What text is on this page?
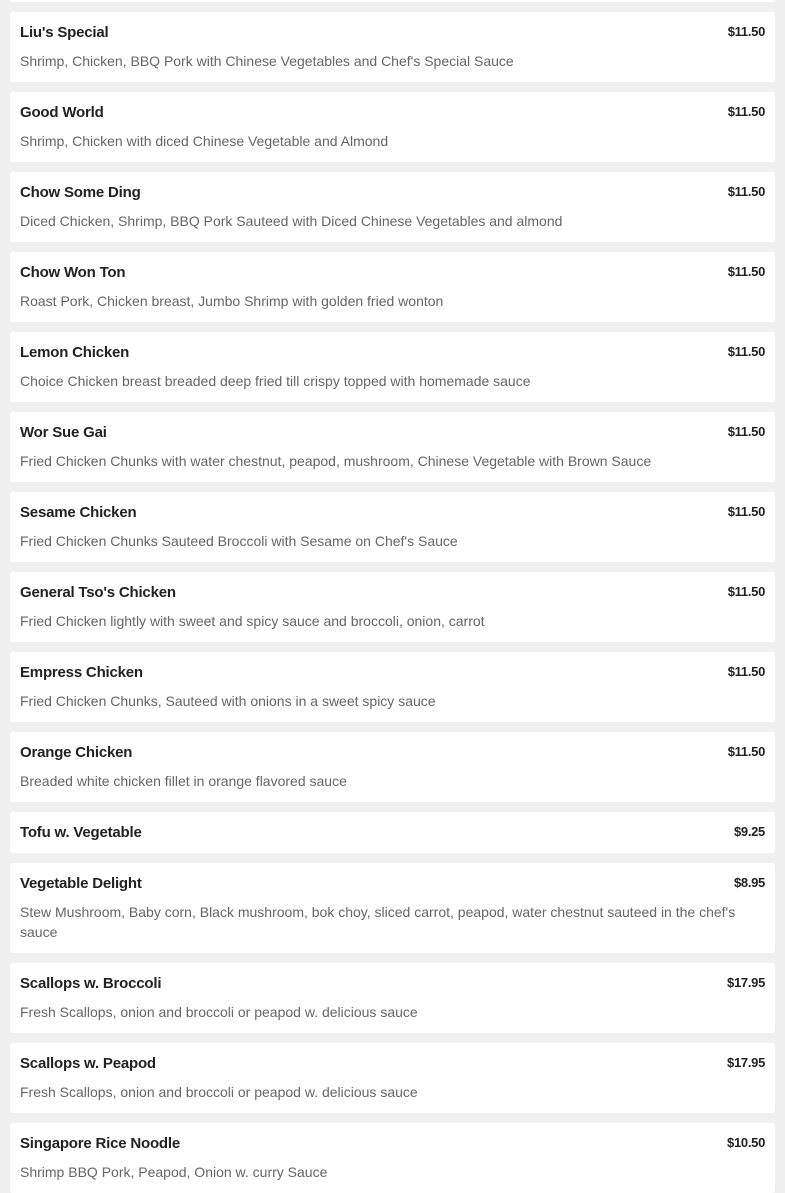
Liu's Special	$11.50
Shrimp, Chicken, BBQ Pork with Chinese Vegetables and Chef's Special Sauce
Good World	$11.50
Shrimp, Chicken with diced Chinese Vegetable and Almond
Chow Some Ding	$11.50
Diced Chicken, Shrimp, BBQ Pork Sauteed with Diced Chinese Vegetables and almond
Chow Won Ton	$11.50
Roast Pork, Chicken breast, Jumbo Shrimp with golden fried wonton
Lemon Chicken	$11.50
Choice Chicken breast breaded deep fried till crispy topped with homemade sauce
Wor Sue Gai	$11.50
Fried Chicken Chunks with water chestnut, peapod, mushroom, Chinese Vegetable with Brown Sauce
Sesame Chicken	$11.50
Fried Chicken Chunks Sauteed Broccoli with Sesame on Chef's Sauce
General Tso's Chicken	$11.50
Fried Chicken lightly with sweet and spicy sauce and broccoli, onion, carrot
Empress Chicken	$11.50
Fried Chicken Chunks, Sauteed with onions in a sweet spicy sauce
Orange Chicken	$11.50
Breaded white chicken fillet in orange flavored sauce
Tofu w. Vegetable	$9.25
Vegetable Delight	$8.95
Stew Mushroom, Baby corn, Black mushroom, bok choy, sliced carrot, peapod, water chestnut sauteed in the chef's sauce
Scallops w. Broccoli	$17.95
Fresh Scallops, onion and broccoli or peapod w. delicious sauce
Scallops w. Peapod	$17.95
Fresh Scallops, onion and broccoli or peapod w. delicious sauce
Singapore Rice Noodle	$10.50
Shrimp BBQ Pork, Peapod, Onion w. curry Sauce
